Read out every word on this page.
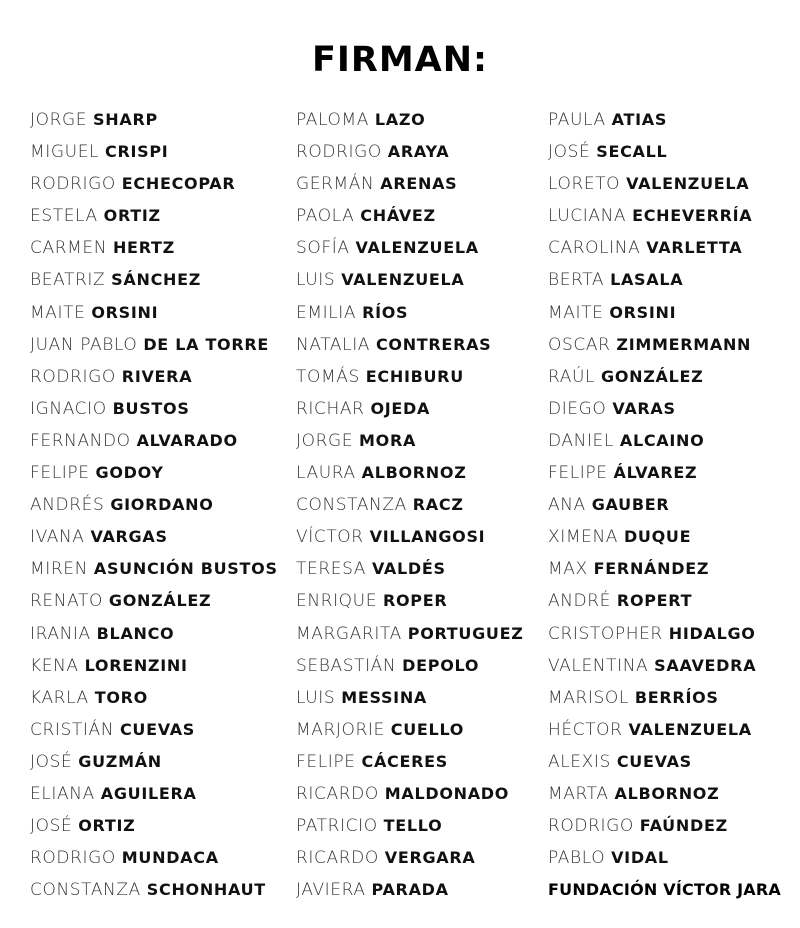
FIRMAN:
JORGE SHARP
MIGUEL CRISPI
RODRIGO ECHECOPAR
ESTELA ORTIZ
CARMEN HERTZ
BEATRIZ SÁNCHEZ
MAITE ORSINI
JUAN PABLO DE LA TORRE
RODRIGO RIVERA
IGNACIO BUSTOS
FERNANDO ALVARADO
FELIPE GODOY
ANDRÉS GIORDANO
IVANA VARGAS
MIREN ASUNCIÓN BUSTOS
RENATO GONZÁLEZ
IRANIA BLANCO
KENA LORENZINI
KARLA TORO
CRISTIÁN CUEVAS
JOSÉ GUZMÁN
ELIANA AGUILERA
JOSÉ ORTIZ
RODRIGO MUNDACA
CONSTANZA SCHONHAUT
PALOMA LAZO
RODRIGO ARAYA
GERMÁN ARENAS
PAOLA CHÁVEZ
SOFÍA VALENZUELA
LUIS VALENZUELA
EMILIA RÍOS
NATALIA CONTRERAS
TOMÁS ECHIBURU
RICHAR OJEDA
JORGE MORA
LAURA ALBORNOZ
CONSTANZA RACZ
VÍCTOR VILLANGOSI
TERESA VALDÉS
ENRIQUE ROPER
MARGARITA PORTUGUEZ
SEBASTIÁN DEPOLO
LUIS MESSINA
MARJORIE CUELLO
FELIPE CÁCERES
RICARDO MALDONADO
PATRICIO TELLO
RICARDO VERGARA
JAVIERA PARADA
PAULA ATIAS
JOSÉ SECALL
LORETO VALENZUELA
LUCIANA ECHEVERRÍA
CAROLINA VARLETTA
BERTA LASALA
MAITE ORSINI
OSCAR ZIMMERMANN
RAÚL GONZÁLEZ
DIEGO VARAS
DANIEL ALCAINO
FELIPE ÁLVAREZ
ANA GAUBER
XIMENA DUQUE
MAX FERNÁNDEZ
ANDRÉ ROPERT
CRISTOPHER HIDALGO
VALENTINA SAAVEDRA
MARISOL BERRÍOS
HÉCTOR VALENZUELA
ALEXIS CUEVAS
MARTA ALBORNOZ
RODRIGO FAÚNDEZ
PABLO VIDAL
FUNDACIÓN VÍCTOR JARA
